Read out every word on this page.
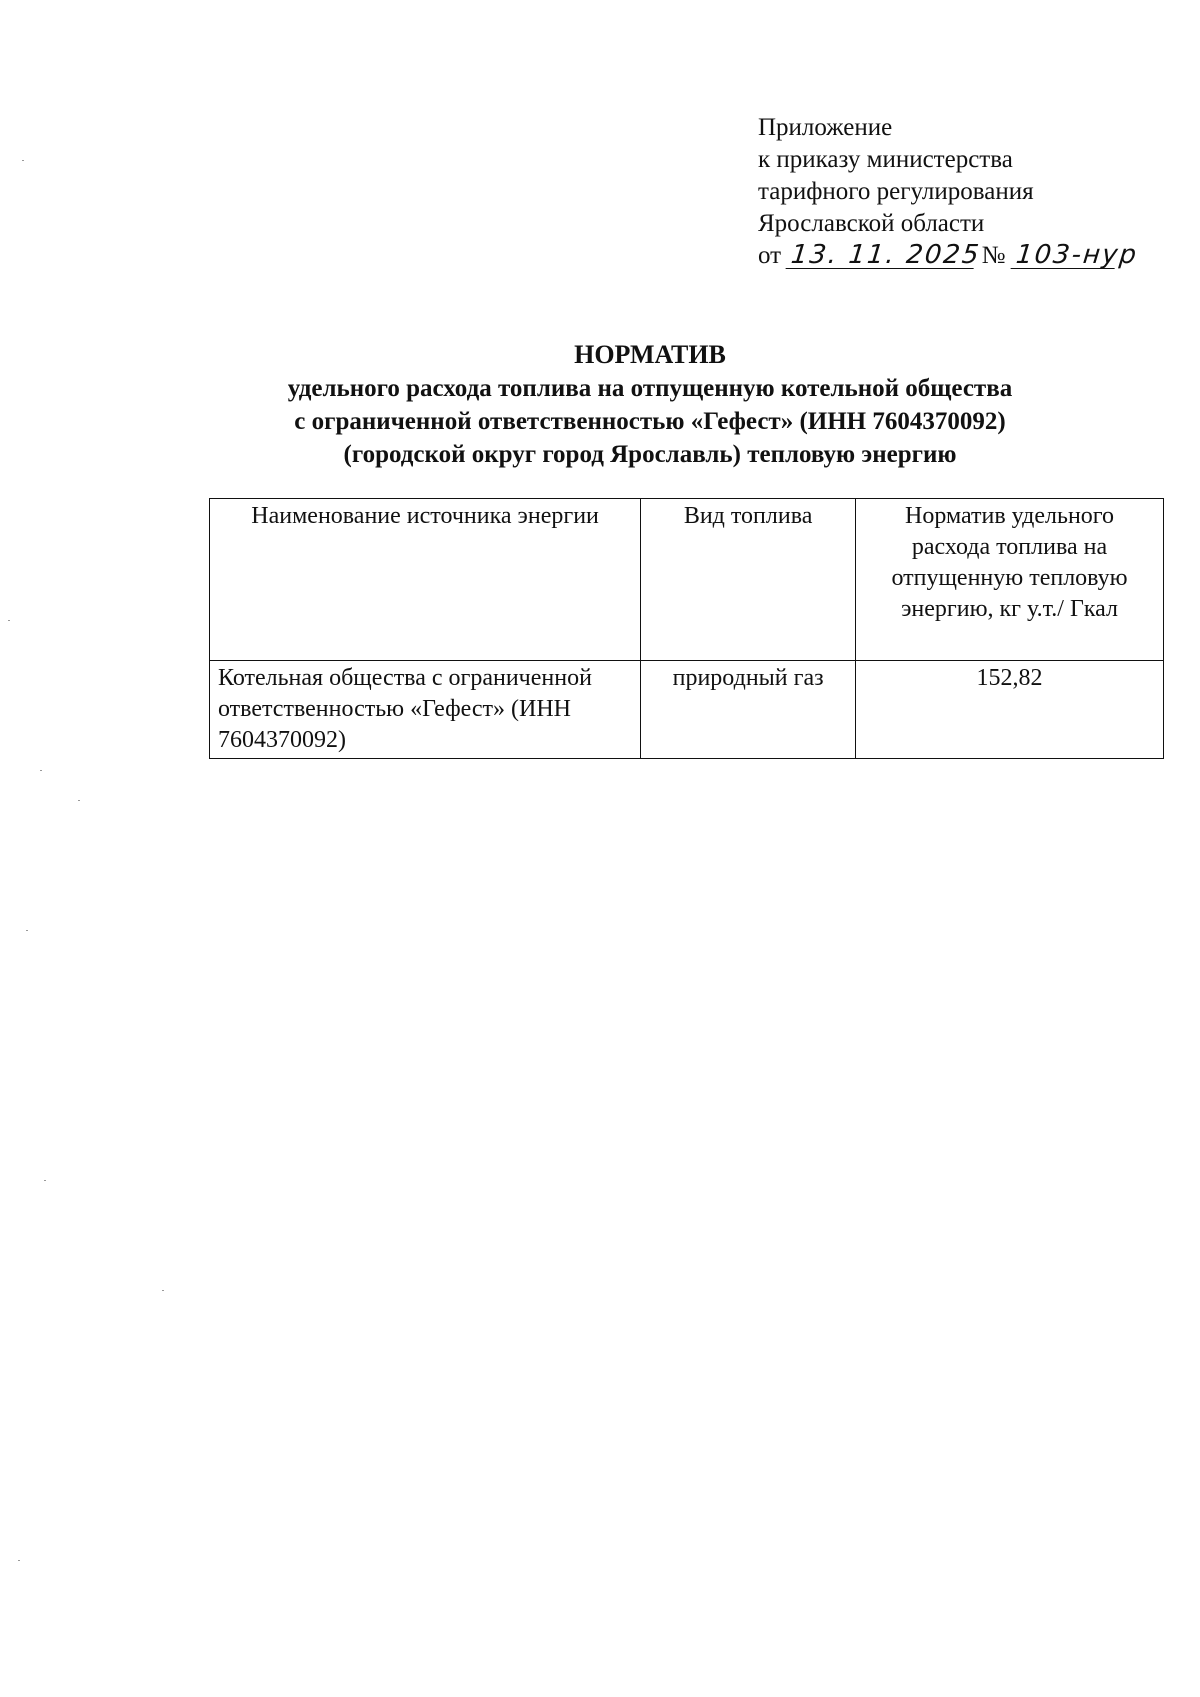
Приложение
к приказу министерства
тарифного регулирования
Ярославской области
от 13. 11. 2025 № 103-нур
НОРМАТИВ
удельного расхода топлива на отпущенную котельной общества
с ограниченной ответственностью «Гефест» (ИНН 7604370092)
(городской округ город Ярославль) тепловую энергию
Наименование источника энергии	Вид топлива	Норматив удельного расхода топлива на отпущенную тепловую энергию, кг у.т./ Гкал
Котельная общества с ограниченной ответственностью «Гефест» (ИНН 7604370092)	природный газ	152,82
